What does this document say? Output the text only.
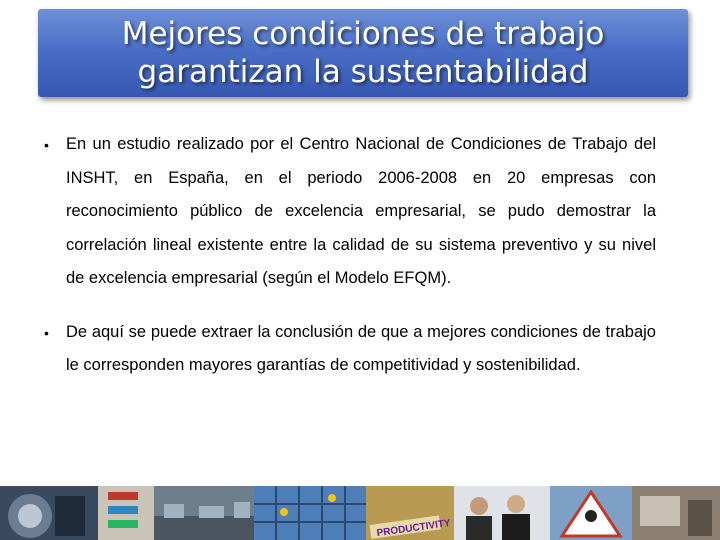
Mejores condiciones de trabajo
garantizan la sustentabilidad
•	En un estudio realizado por el Centro Nacional de Condiciones de Trabajo del INSHT, en España, en el periodo 2006-2008 en 20 empresas con reconocimiento público de excelencia empresarial, se pudo demostrar la correlación lineal existente entre la calidad de su sistema preventivo y su nivel de excelencia empresarial (según el Modelo EFQM).
•	De aquí se puede extraer la conclusión de que a mejores condiciones de trabajo le corresponden mayores garantías de competitividad y sostenibilidad.
PRODUCTIVITY
